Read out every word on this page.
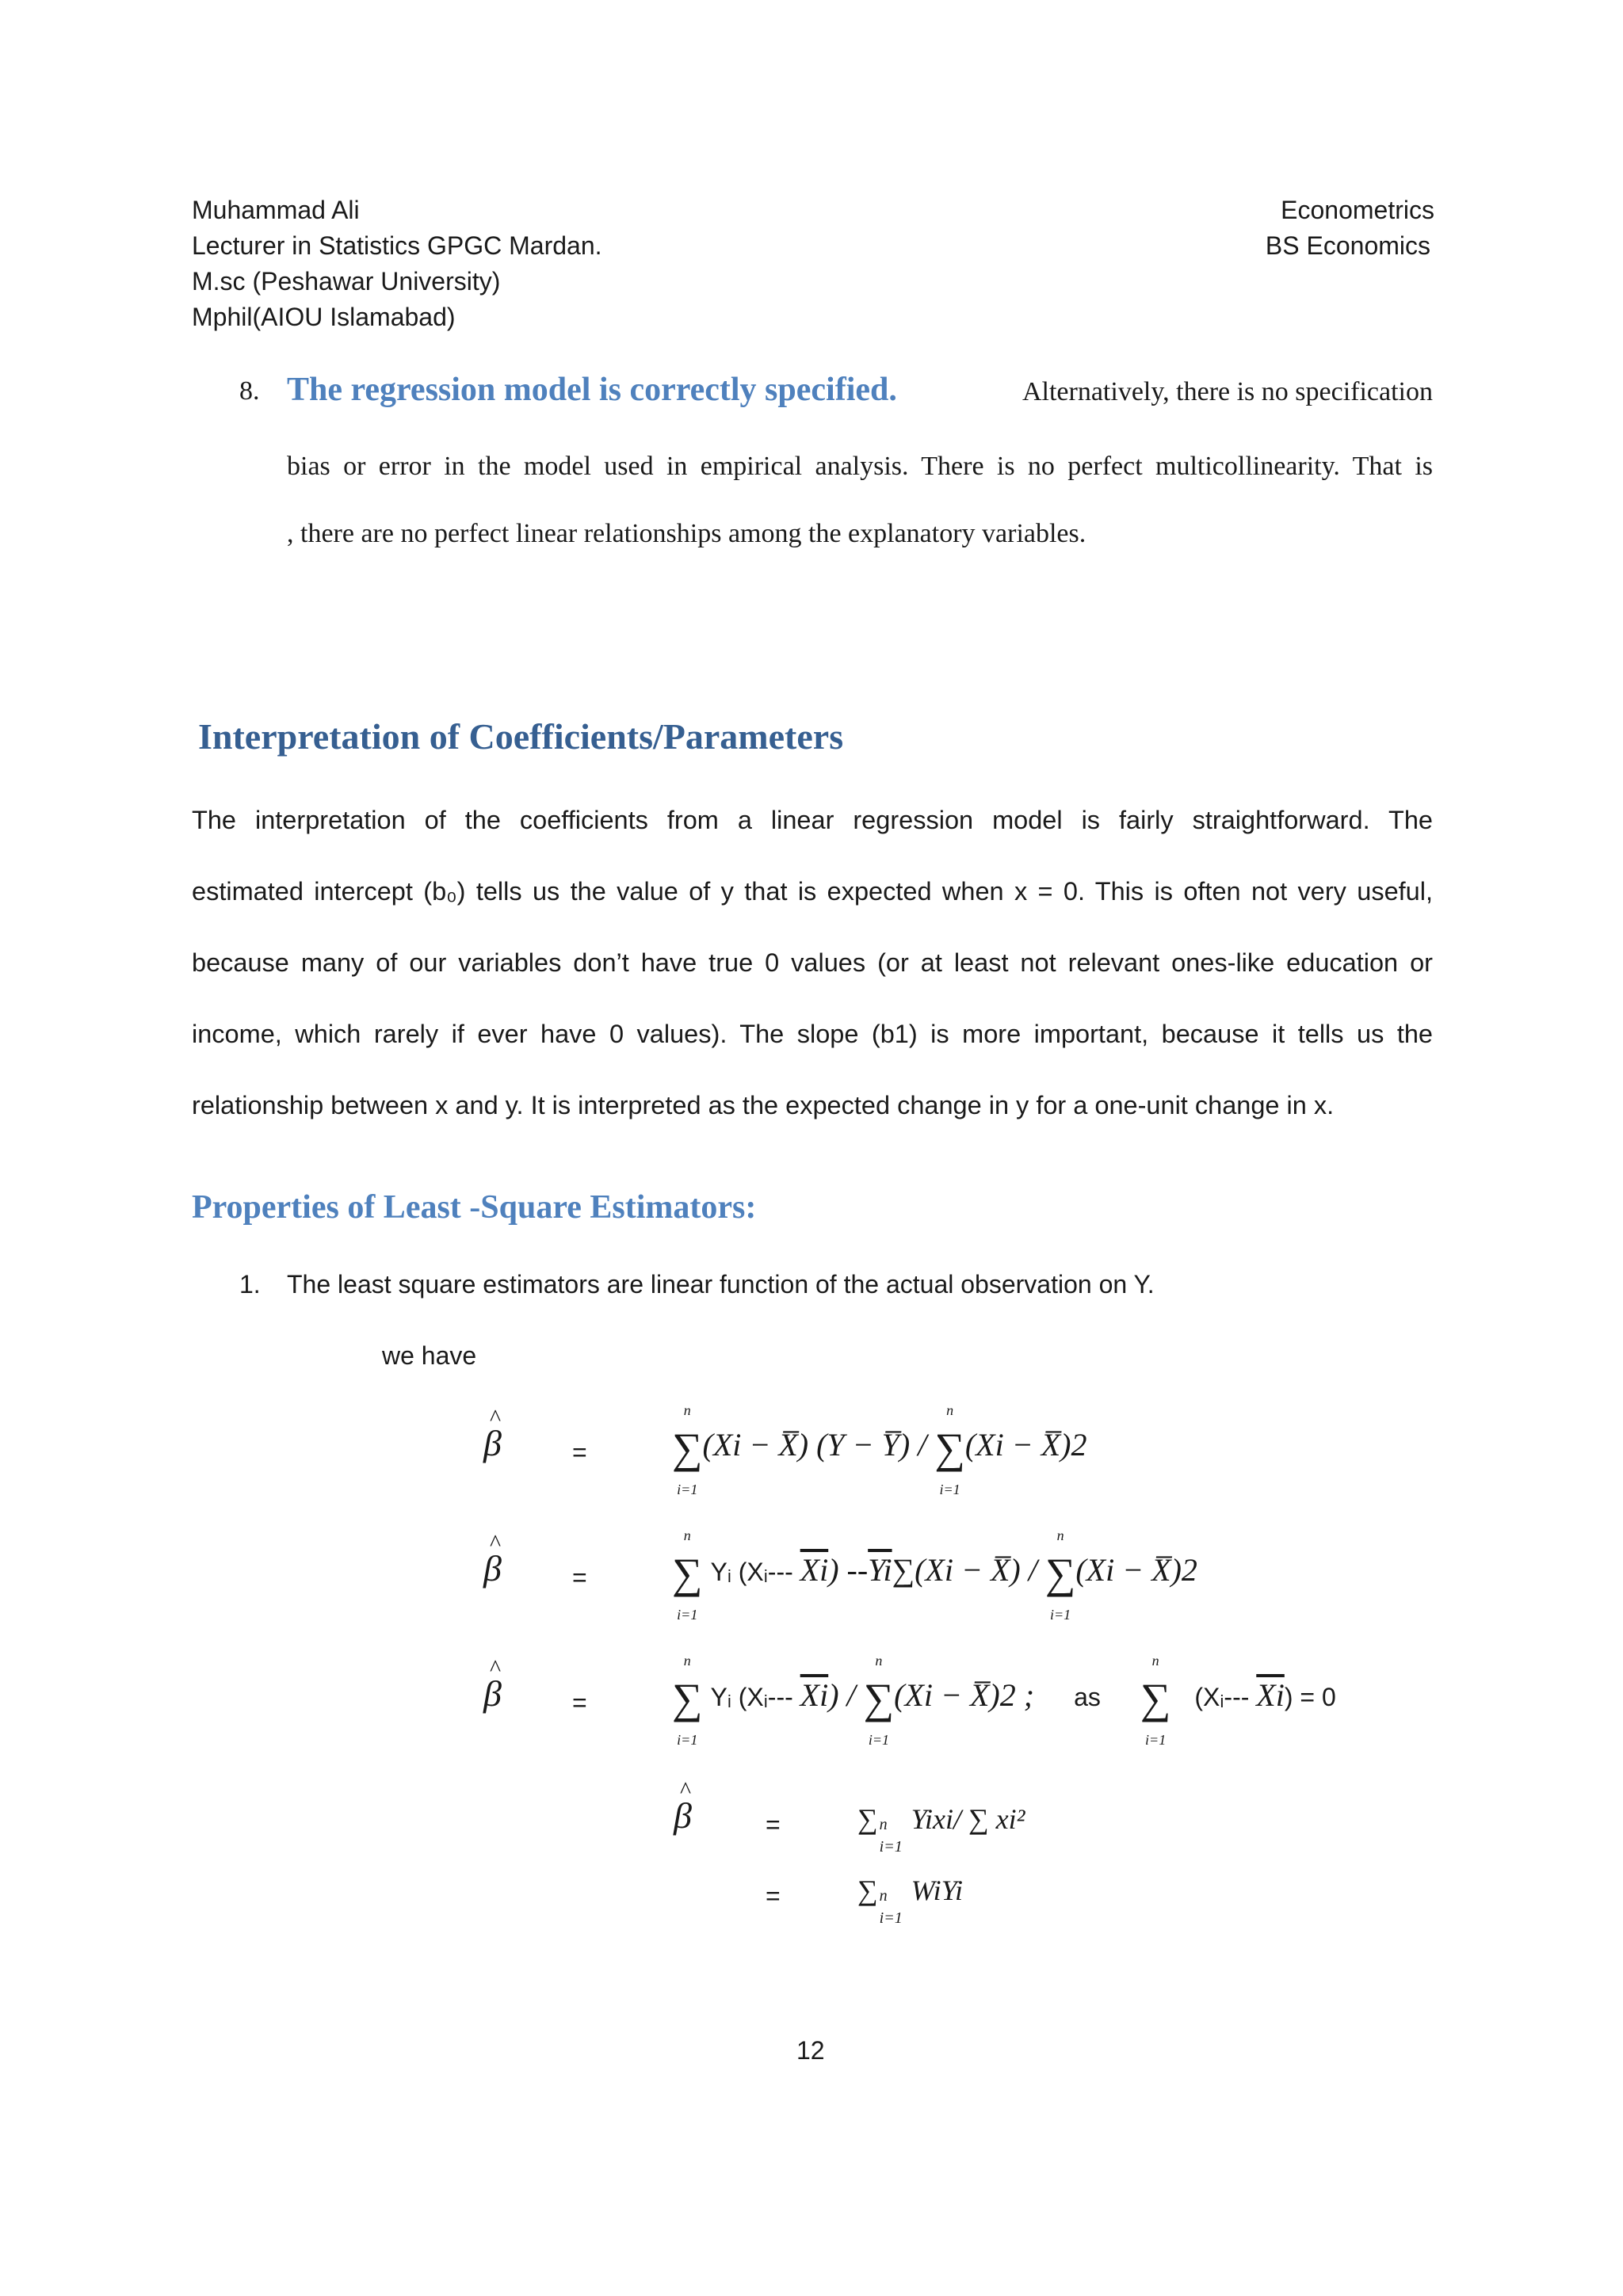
Muhammad Ali
Lecturer in Statistics GPGC Mardan.
M.sc (Peshawar University)
Mphil(AIOU Islamabad)
Econometrics
BS Economics
8. The regression model is correctly specified.	Alternatively, there is no specification
bias or error in the model used in empirical analysis. There is no perfect multicollinearity. That is
, there are no perfect linear relationships among the explanatory variables.
Interpretation of Coefficients/Parameters
The interpretation of the coefficients from a linear regression model is fairly straightforward. The
estimated intercept (b₀) tells us the value of y that is expected when x = 0. This is often not very useful,
because many of our variables don’t have true 0 values (or at least not relevant ones-like education or
income, which rarely if ever have 0 values). The slope (b1) is more important, because it tells us the
relationship between x and y. It is interpreted as the expected change in y for a one-unit change in x.
Properties of Least -Square Estimators:
1. The least square estimators are linear function of the actual observation on Y.
we have
^ β	= ∑
n
i=1
(Xi − X̅) (Y − Y̅) / ∑
n
i=1
(Xi − X̅)2
^ β	= ∑
n
i=1
Yᵢ (Xᵢ--- $\overline{Xi}$) $--\overline{Yi}\sum(Xi$ − X̅) / ∑
n
i=1
(Xi − X̅)2
^ β	= ∑
n
i=1
Yᵢ (Xᵢ--- $\overline{Xi}$) / ∑
n
i=1
(Xi − X̅)2 ; as ∑
n
i=1
(Xᵢ--- $\overline{Xi}) = 0$
^ β	=	∑ n
i=1
Yixi/ ∑ xi²
=	∑ n
i=1
WiYi
12
